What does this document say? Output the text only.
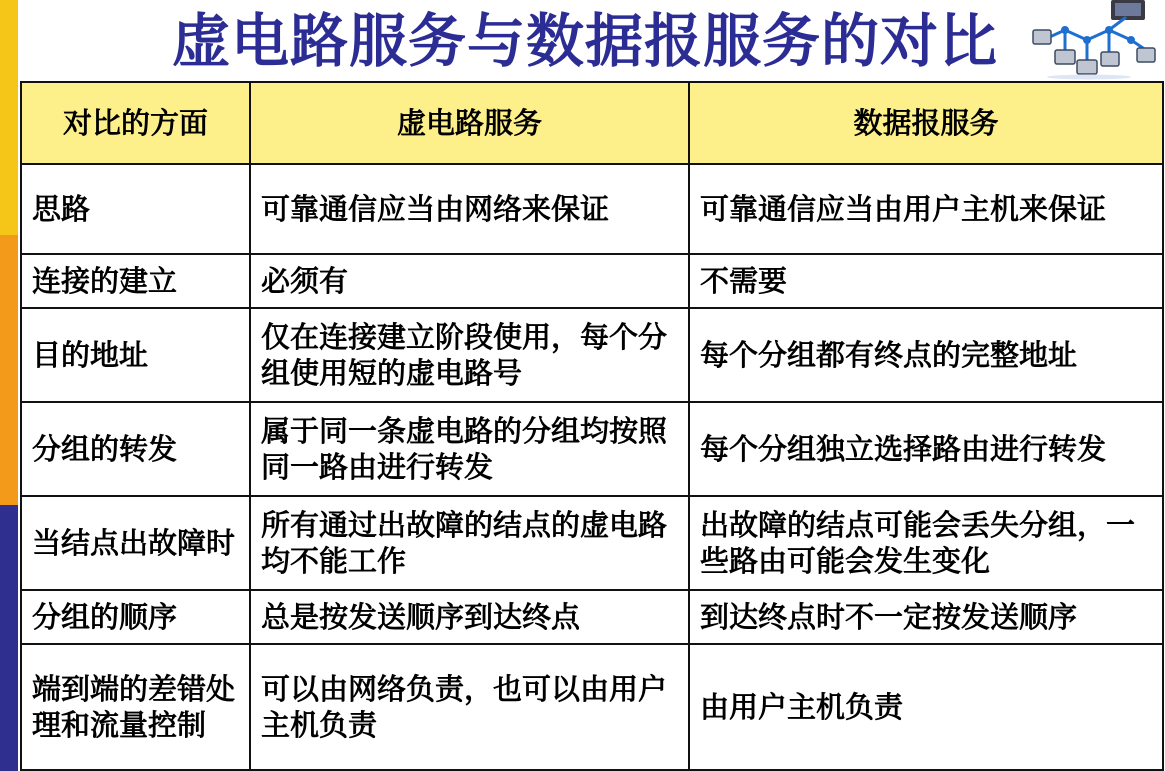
虚电路服务与数据报服务的对比
对比的方面	虚电路服务	数据报服务
思路	可靠通信应当由网络来保证	可靠通信应当由用户主机来保证
连接的建立	必须有	不需要
目的地址	仅在连接建立阶段使用，每个分组使用短的虚电路号	每个分组都有终点的完整地址
分组的转发	属于同一条虚电路的分组均按照同一路由进行转发	每个分组独立选择路由进行转发
当结点出故障时	所有通过出故障的结点的虚电路均不能工作	出故障的结点可能会丢失分组，一些路由可能会发生变化
分组的顺序	总是按发送顺序到达终点	到达终点时不一定按发送顺序
端到端的差错处理和流量控制	可以由网络负责，也可以由用户主机负责	由用户主机负责
